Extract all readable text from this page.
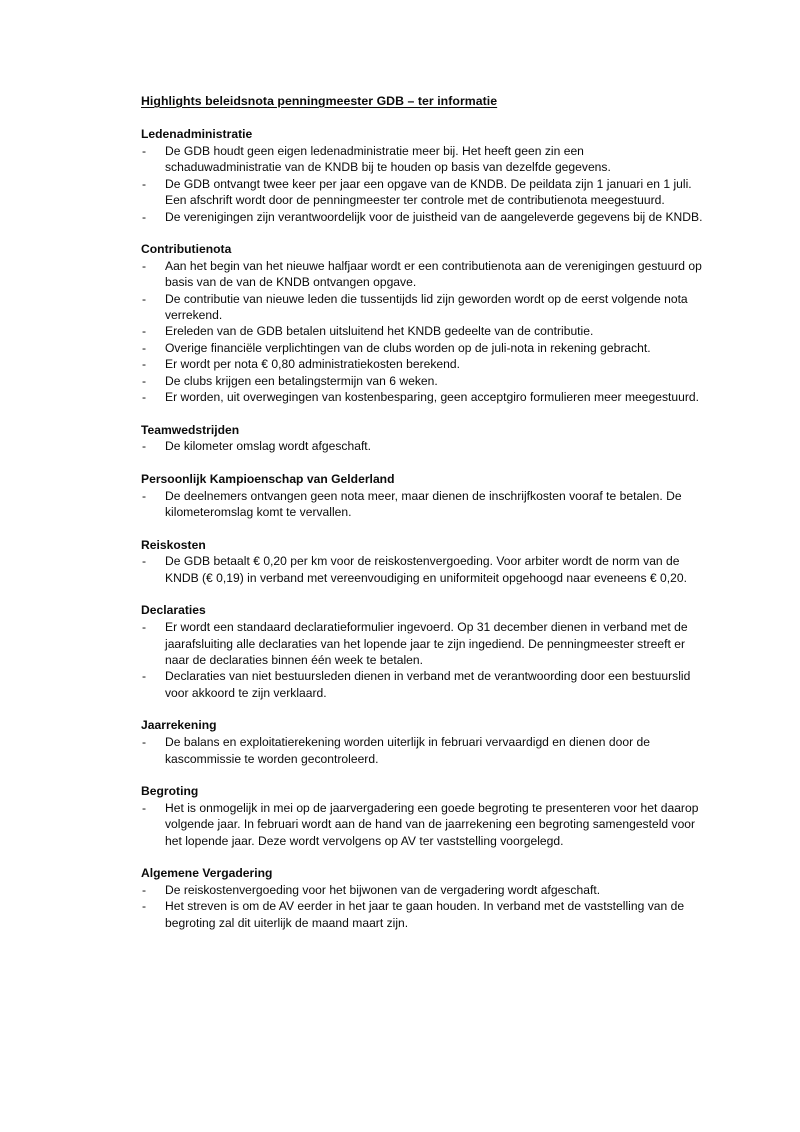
Highlights beleidsnota penningmeester GDB – ter informatie
Ledenadministratie
- De GDB houdt geen eigen ledenadministratie meer bij. Het heeft geen zin een schaduwadministratie van de KNDB bij te houden op basis van dezelfde gegevens.
- De GDB ontvangt twee keer per jaar een opgave van de KNDB. De peildata zijn 1 januari en 1 juli. Een afschrift wordt door de penningmeester ter controle met de contributienota meegestuurd.
- De verenigingen zijn verantwoordelijk voor de juistheid van de aangeleverde gegevens bij de KNDB.
Contributienota
- Aan het begin van het nieuwe halfjaar wordt er een contributienota aan de verenigingen gestuurd op basis van de van de KNDB ontvangen opgave.
- De contributie van nieuwe leden die tussentijds lid zijn geworden wordt op de eerst volgende nota verrekend.
- Ereleden van de GDB betalen uitsluitend het KNDB gedeelte van de contributie.
- Overige financiële verplichtingen van de clubs worden op de juli-nota in rekening gebracht.
- Er wordt per nota € 0,80 administratiekosten berekend.
- De clubs krijgen een betalingstermijn van 6 weken.
- Er worden, uit overwegingen van kostenbesparing, geen acceptgiro formulieren meer meegestuurd.
Teamwedstrijden
- De kilometer omslag wordt afgeschaft.
Persoonlijk Kampioenschap van Gelderland
- De deelnemers ontvangen geen nota meer, maar dienen de inschrijfkosten vooraf te betalen. De kilometeromslag komt te vervallen.
Reiskosten
- De GDB betaalt € 0,20 per km voor de reiskostenvergoeding. Voor arbiter wordt de norm van de KNDB (€ 0,19) in verband met vereenvoudiging en uniformiteit opgehoogd naar eveneens € 0,20.
Declaraties
- Er wordt een standaard declaratieformulier ingevoerd. Op 31 december dienen in verband met de jaarafsluiting alle declaraties van het lopende jaar te zijn ingediend. De penningmeester streeft er naar de declaraties binnen één week te betalen.
- Declaraties van niet bestuursleden dienen in verband met de verantwoording door een bestuurslid voor akkoord te zijn verklaard.
Jaarrekening
- De balans en exploitatierekening worden uiterlijk in februari vervaardigd en dienen door de kascommissie te worden gecontroleerd.
Begroting
- Het is onmogelijk in mei op de jaarvergadering een goede begroting te presenteren voor het daarop volgende jaar. In februari wordt aan de hand van de jaarrekening een begroting samengesteld voor het lopende jaar. Deze wordt vervolgens op AV ter vaststelling voorgelegd.
Algemene Vergadering
- De reiskostenvergoeding voor het bijwonen van de vergadering wordt afgeschaft.
- Het streven is om de AV eerder in het jaar te gaan houden. In verband met de vaststelling van de begroting zal dit uiterlijk de maand maart zijn.
